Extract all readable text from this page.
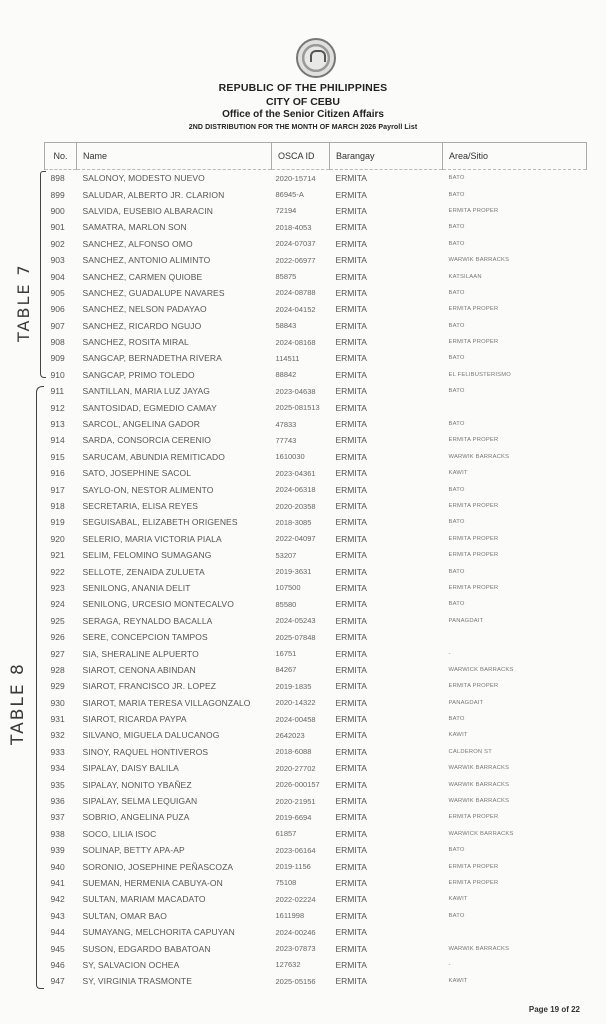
REPUBLIC OF THE PHILIPPINES
CITY OF CEBU
Office of the Senior Citizen Affairs
2ND DISTRIBUTION FOR THE MONTH OF MARCH 2026 Payroll List
No.	Name	OSCA ID	Barangay	Area/Sitio
898	SALONOY, MODESTO NUEVO	2020-15714	ERMITA	BATO
899	SALUDAR, ALBERTO JR. CLARION	86945-A	ERMITA	BATO
900	SALVIDA, EUSEBIO ALBARACIN	72194	ERMITA	ERMITA PROPER
901	SAMATRA, MARLON SON	2018-4053	ERMITA	BATO
902	SANCHEZ, ALFONSO OMO	2024-07037	ERMITA	BATO
903	SANCHEZ, ANTONIO ALIMINTO	2022-06977	ERMITA	WARWIK BARRACKS
904	SANCHEZ, CARMEN QUIOBE	85875	ERMITA	KATSILAAN
905	SANCHEZ, GUADALUPE NAVARES	2024-08788	ERMITA	BATO
906	SANCHEZ, NELSON PADAYAO	2024-04152	ERMITA	ERMITA PROPER
907	SANCHEZ, RICARDO NGUJO	58843	ERMITA	BATO
908	SANCHEZ, ROSITA MIRAL	2024-08168	ERMITA	ERMITA PROPER
909	SANGCAP, BERNADETHA RIVERA	114511	ERMITA	BATO
910	SANGCAP, PRIMO TOLEDO	88842	ERMITA	EL FELIBUSTERISMO
911	SANTILLAN, MARIA LUZ JAYAG	2023-04638	ERMITA	BATO
912	SANTOSIDAD, EGMEDIO CAMAY	2025-081513	ERMITA	
913	SARCOL, ANGELINA GADOR	47833	ERMITA	BATO
914	SARDA, CONSORCIA CERENIO	77743	ERMITA	ERMITA PROPER
915	SARUCAM, ABUNDIA REMITICADO	1610030	ERMITA	WARWIK BARRACKS
916	SATO, JOSEPHINE SACOL	2023-04361	ERMITA	KAWIT
917	SAYLO-ON, NESTOR ALIMENTO	2024-06318	ERMITA	BATO
918	SECRETARIA, ELISA REYES	2020-20358	ERMITA	ERMITA PROPER
919	SEGUISABAL, ELIZABETH ORIGENES	2018-3085	ERMITA	BATO
920	SELERIO, MARIA VICTORIA PIALA	2022-04097	ERMITA	ERMITA PROPER
921	SELIM, FELOMINO SUMAGANG	53207	ERMITA	ERMITA PROPER
922	SELLOTE, ZENAIDA ZULUETA	2019-3631	ERMITA	BATO
923	SENILONG, ANANIA DELIT	107500	ERMITA	ERMITA PROPER
924	SENILONG, URCESIO MONTECALVO	85580	ERMITA	BATO
925	SERAGA, REYNALDO BACALLA	2024-05243	ERMITA	PANAGDAIT
926	SERE, CONCEPCION TAMPOS	2025-07848	ERMITA	
927	SIA, SHERALINE ALPUERTO	16751	ERMITA	-
928	SIAROT, CENONA ABINDAN	84267	ERMITA	WARWICK BARRACKS
929	SIAROT, FRANCISCO JR. LOPEZ	2019-1835	ERMITA	ERMITA PROPER
930	SIAROT, MARIA TERESA VILLAGONZALO	2020-14322	ERMITA	PANAGDAIT
931	SIAROT, RICARDA PAYPA	2024-00458	ERMITA	BATO
932	SILVANO, MIGUELA DALUCANOG	2642023	ERMITA	KAWIT
933	SINOY, RAQUEL HONTIVEROS	2018-6088	ERMITA	CALDERON ST
934	SIPALAY, DAISY BALILA	2020-27702	ERMITA	WARWIK BARRACKS
935	SIPALAY, NONITO YBAÑEZ	2026-000157	ERMITA	WARWIK BARRACKS
936	SIPALAY, SELMA LEQUIGAN	2020-21951	ERMITA	WARWIK BARRACKS
937	SOBRIO, ANGELINA PUZA	2019-6694	ERMITA	ERMITA PROPER
938	SOCO, LILIA ISOC	61857	ERMITA	WARWICK BARRACKS
939	SOLINAP, BETTY APA-AP	2023-06164	ERMITA	BATO
940	SORONIO, JOSEPHINE PEÑASCOZA	2019-1156	ERMITA	ERMITA PROPER
941	SUEMAN, HERMENIA CABUYA-ON	75108	ERMITA	ERMITA PROPER
942	SULTAN, MARIAM MACADATO	2022-02224	ERMITA	KAWIT
943	SULTAN, OMAR BAO	1611998	ERMITA	BATO
944	SUMAYANG, MELCHORITA CAPUYAN	2024-00246	ERMITA	
945	SUSON, EDGARDO BABATOAN	2023-07873	ERMITA	WARWIK BARRACKS
946	SY, SALVACION OCHEA	127632	ERMITA	-
947	SY, VIRGINIA TRASMONTE	2025-05156	ERMITA	KAWIT
TABLE 7
TABLE 8
Page 19 of 22
